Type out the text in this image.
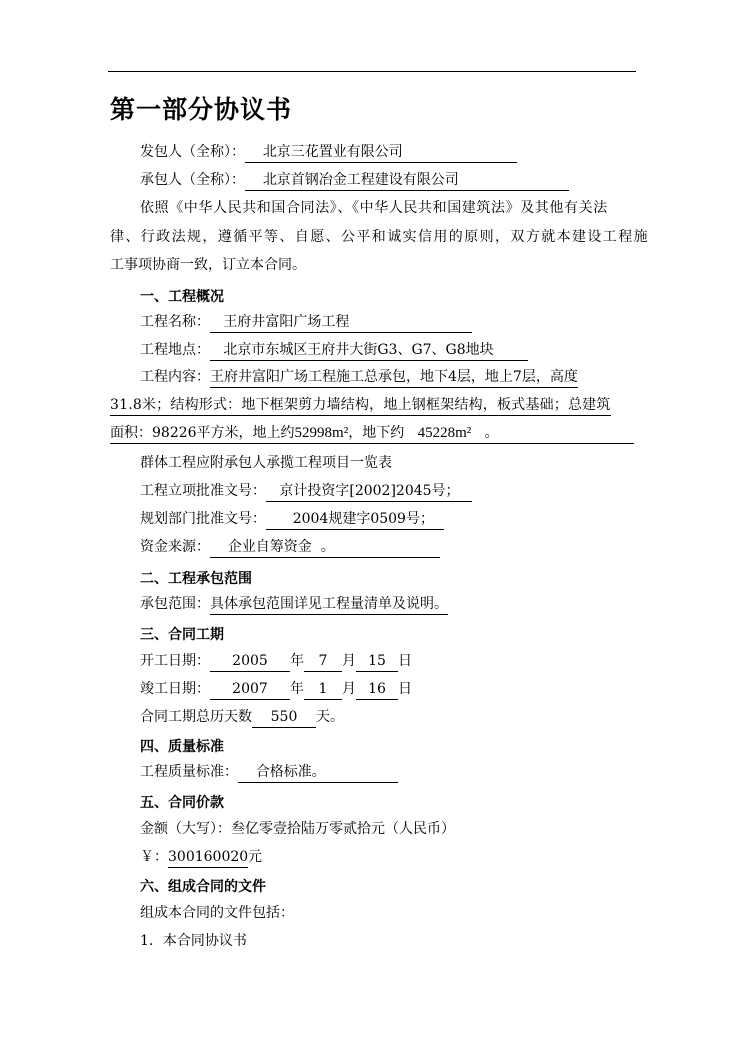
第一部分协议书
发包人（全称）： 北京三花置业有限公司
承包人（全称）： 北京首钢冶金工程建设有限公司
依照《中华人民共和国合同法》、《中华人民共和国建筑法》及其他有关法
律、行政法规，遵循平等、自愿、公平和诚实信用的原则，双方就本建设工程施
工事项协商一致，订立本合同。
一、工程概况
工程名称： 王府井富阳广场工程
工程地点： 北京市东城区王府井大街G3、G7、G8地块
工程内容：王府井富阳广场工程施工总承包，地下4层，地上7层，高度
31.8米；结构形式：地下框架剪力墙结构，地上钢框架结构，板式基础；总建筑
面积：98226平方米，地上约52998m²，地下约 45228m² 。
群体工程应附承包人承揽工程项目一览表
工程立项批准文号： 京计投资字[2002]2045号；
规划部门批准文号： 2004规建字0509号；
资金来源： 企业自筹资金 。
二、工程承包范围
承包范围：具体承包范围详见工程量清单及说明。
三、合同工期
开工日期： 2005 年 7 月 15 日
竣工日期： 2007 年 1 月 16 日
合同工期总历天数 550 天。
四、质量标准
工程质量标准： 合格标准。
五、合同价款
金额（大写）：叁亿零壹拾陆万零贰拾元（人民币）
￥：300160020元
六、组成合同的文件
组成本合同的文件包括：
1．本合同协议书
